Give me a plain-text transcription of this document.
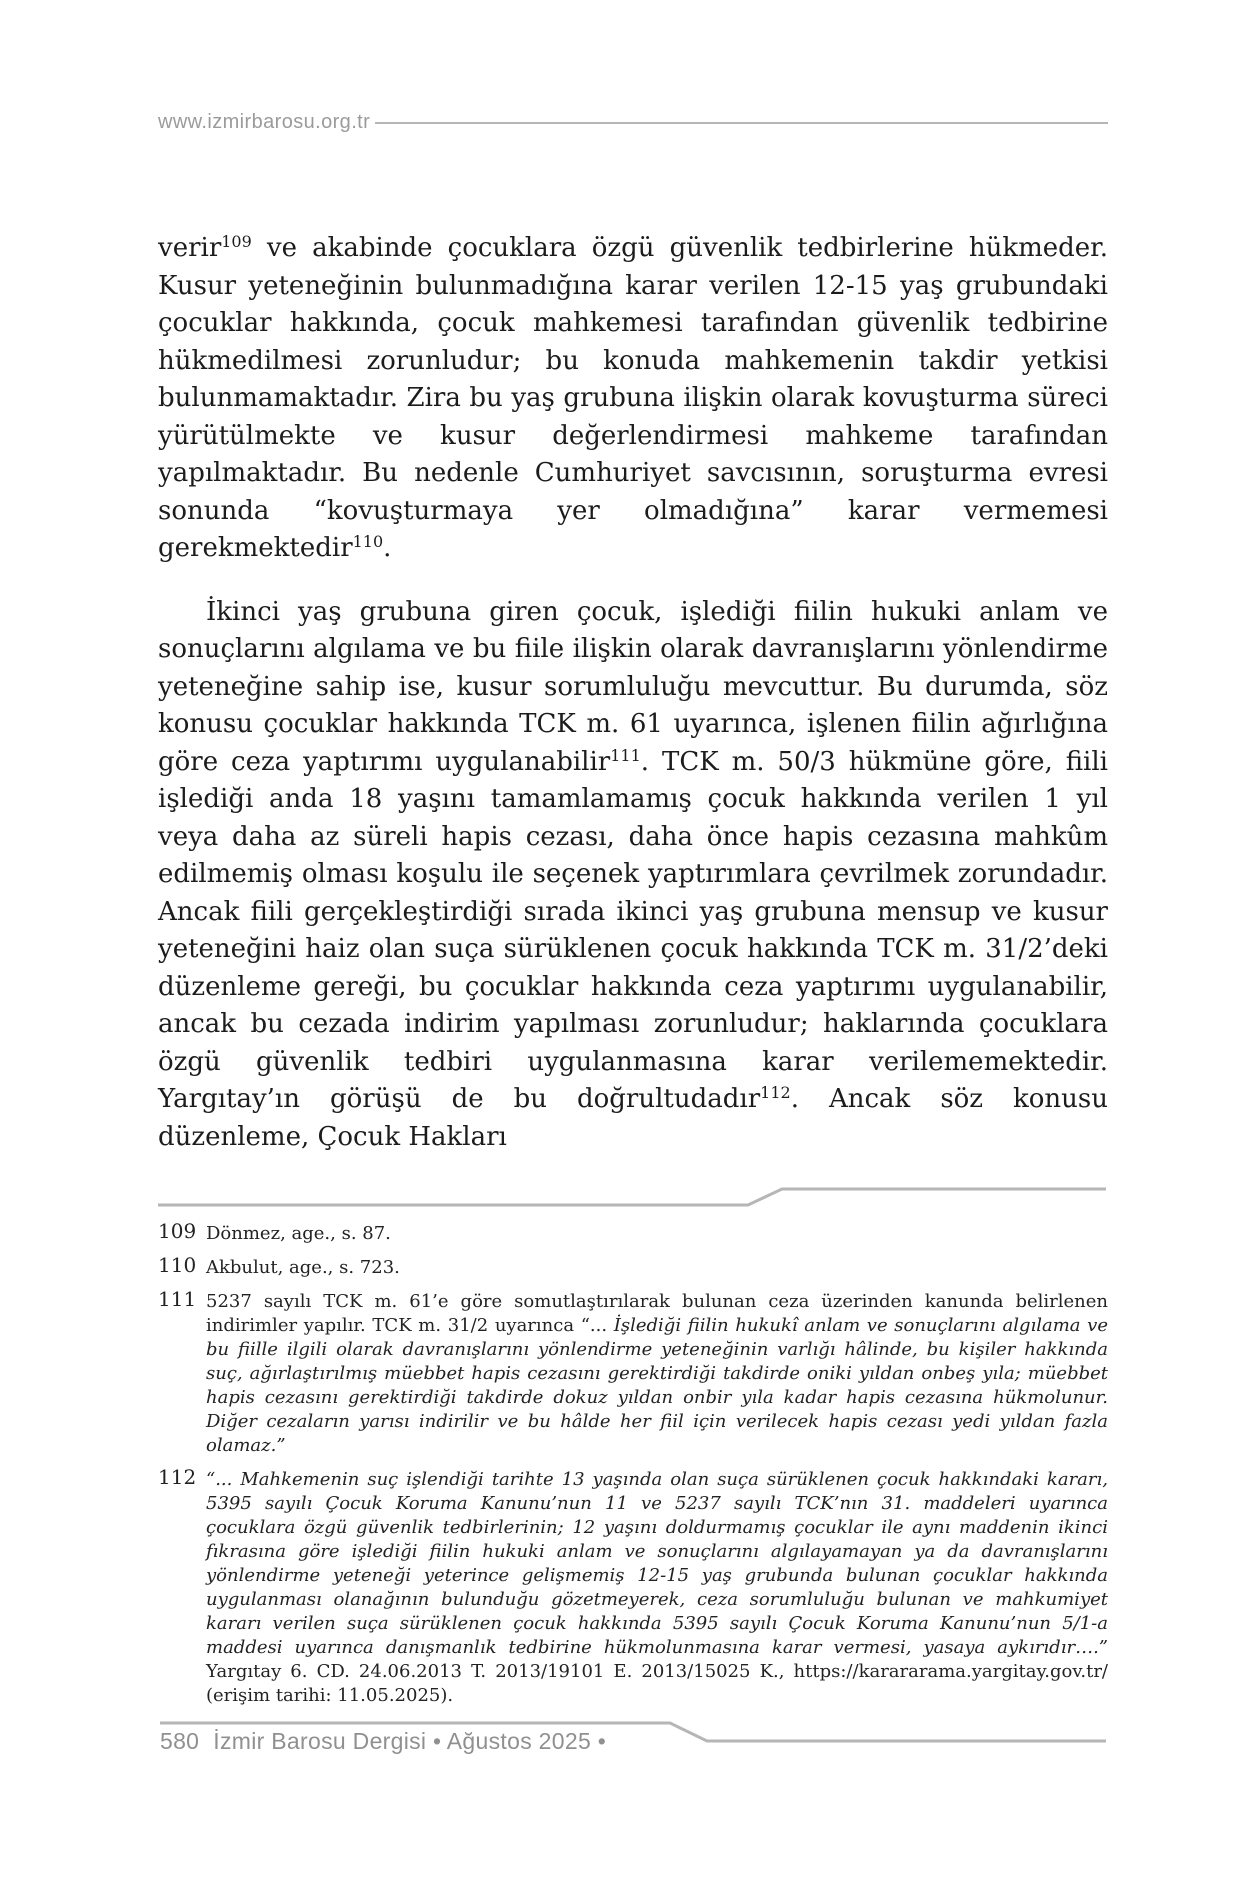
www.izmirbarosu.org.tr

verir$^{109}$ ve akabinde çocuklara özgü güvenlik tedbirlerine hükmeder. Kusur yeteneğinin bulunmadığına karar verilen 12-15 yaş grubundaki çocuklar hakkında, çocuk mahkemesi tarafından güvenlik tedbirine hükmedilmesi zorunludur; bu konuda mahkemenin takdir yetkisi bulunmamaktadır. Zira bu yaş grubuna ilişkin olarak kovuşturma süreci yürütülmekte ve kusur değerlendirmesi mahkeme tarafından yapılmaktadır. Bu nedenle Cumhuriyet savcısının, soruşturma evresi sonunda “kovuşturmaya yer olmadığına” karar vermemesi gerekmektedir$^{110}$.

İkinci yaş grubuna giren çocuk, işlediği fiilin hukuki anlam ve sonuçlarını algılama ve bu fiile ilişkin olarak davranışlarını yönlendirme yeteneğine sahip ise, kusur sorumluluğu mevcuttur. Bu durumda, söz konusu çocuklar hakkında TCK m. 61 uyarınca, işlenen fiilin ağırlığına göre ceza yaptırımı uygulanabilir$^{111}$. TCK m. 50/3 hükmüne göre, fiili işlediği anda 18 yaşını tamamlamamış çocuk hakkında verilen 1 yıl veya daha az süreli hapis cezası, daha önce hapis cezasına mahkûm edilmemiş olması koşulu ile seçenek yaptırımlara çevrilmek zorundadır. Ancak fiili gerçekleştirdiği sırada ikinci yaş grubuna mensup ve kusur yeteneğini haiz olan suça sürüklenen çocuk hakkında TCK m. 31/2’deki düzenleme gereği, bu çocuklar hakkında ceza yaptırımı uygulanabilir, ancak bu cezada indirim yapılması zorunludur; haklarında çocuklara özgü güvenlik tedbiri uygulanmasına karar verilememektedir. Yargıtay’ın görüşü de bu doğrultudadır$^{112}$. Ancak söz konusu düzenleme, Çocuk Hakları

109 Dönmez, age., s. 87.
110 Akbulut, age., s. 723.
111 5237 sayılı TCK m. 61’e göre somutlaştırılarak bulunan ceza üzerinden kanunda belirlenen indirimler yapılır. TCK m. 31/2 uyarınca “... İşlediği fiilin hukukî anlam ve sonuçlarını algılama ve bu fiille ilgili olarak davranışlarını yönlendirme yeteneğinin varlığı hâlinde, bu kişiler hakkında suç, ağırlaştırılmış müebbet hapis cezasını gerektirdiği takdirde oniki yıldan onbeş yıla; müebbet hapis cezasını gerektirdiği takdirde dokuz yıldan onbir yıla kadar hapis cezasına hükmolunur. Diğer cezaların yarısı indirilir ve bu hâlde her fiil için verilecek hapis cezası yedi yıldan fazla olamaz.”
112 “... Mahkemenin suç işlendiği tarihte 13 yaşında olan suça sürüklenen çocuk hakkındaki kararı, 5395 sayılı Çocuk Koruma Kanunu’nun 11 ve 5237 sayılı TCK’nın 31. maddeleri uyarınca çocuklara özgü güvenlik tedbirlerinin; 12 yaşını doldurmamış çocuklar ile aynı maddenin ikinci fıkrasına göre işlediği fiilin hukuki anlam ve sonuçlarını algılayamayan ya da davranışlarını yönlendirme yeteneği yeterince gelişmemiş 12-15 yaş grubunda bulunan çocuklar hakkında uygulanması olanağının bulunduğu gözetmeyerek, ceza sorumluluğu bulunan ve mahkumiyet kararı verilen suça sürüklenen çocuk hakkında 5395 sayılı Çocuk Koruma Kanunu’nun 5/1-a maddesi uyarınca danışmanlık tedbirine hükmolunmasına karar vermesi, yasaya aykırıdır….” Yargıtay 6. CD. 24.06.2013 T. 2013/19101 E. 2013/15025 K., https://karararama.yargitay.gov.tr/ (erişim tarihi: 11.05.2025).
580 İzmir Barosu Dergisi • Ağustos 2025 •
